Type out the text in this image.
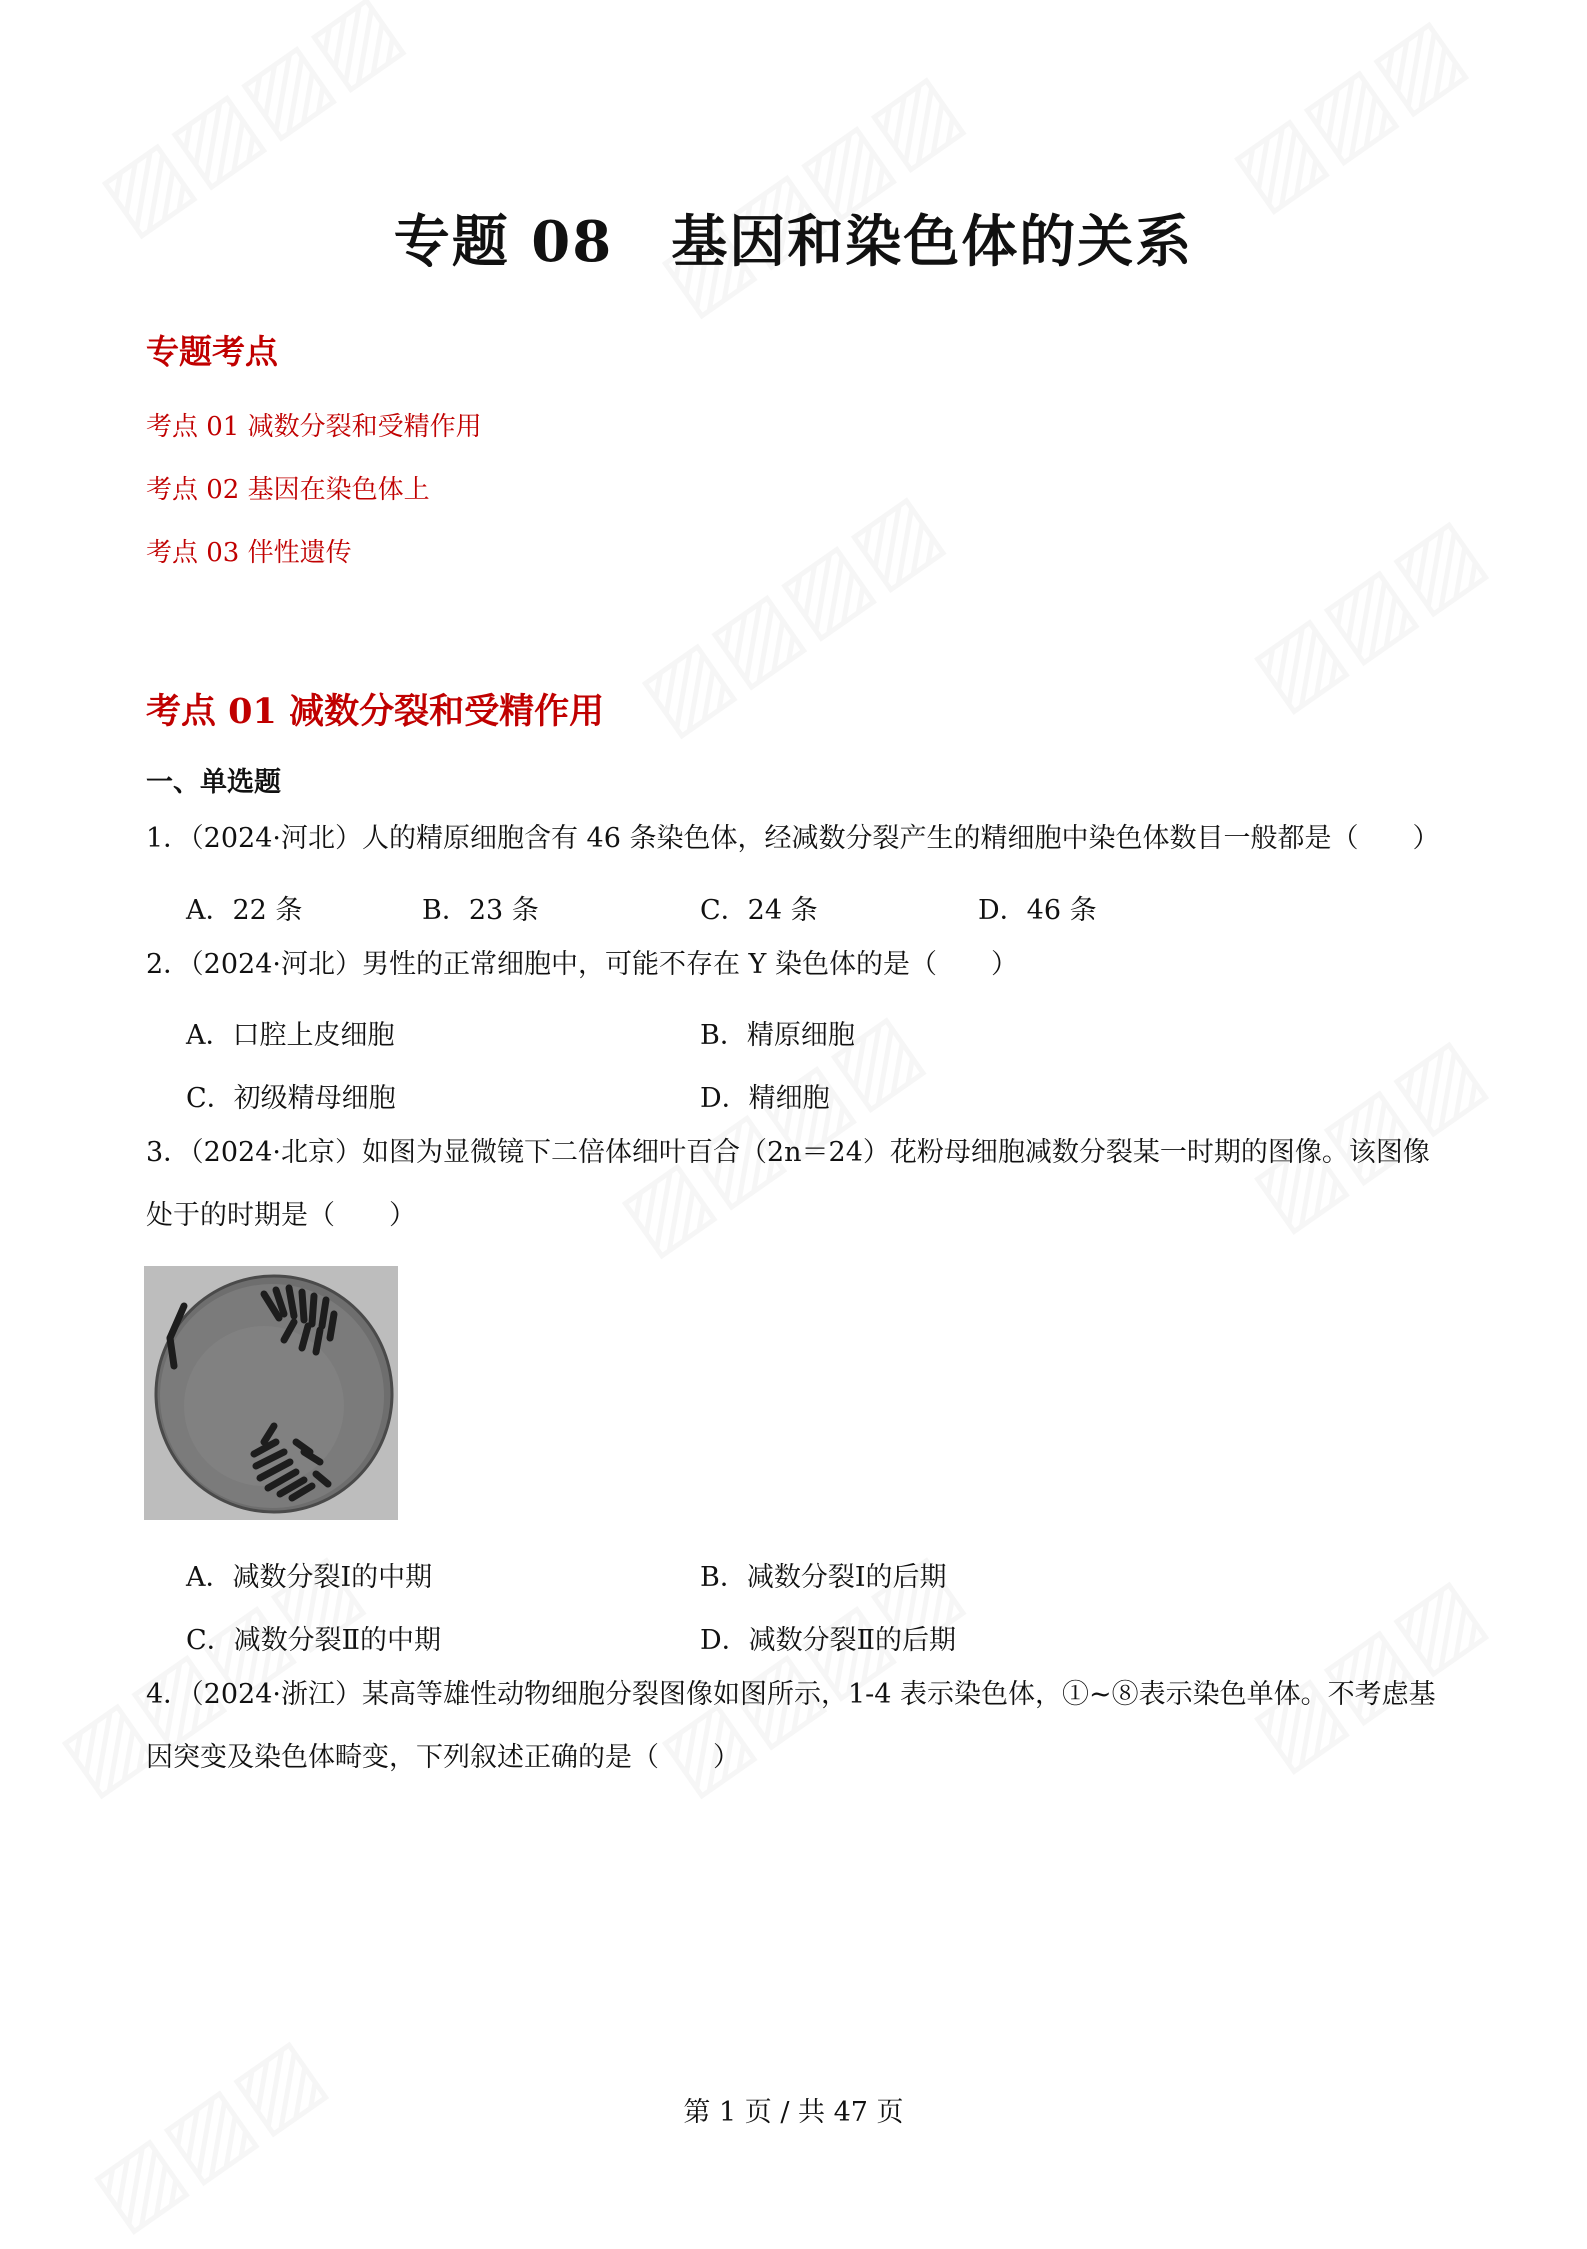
专题 08　基因和染色体的关系
专题考点
考点 01 减数分裂和受精作用
考点 02 基因在染色体上
考点 03 伴性遗传
考点 01 减数分裂和受精作用
一、单选题
1．（2024·河北）人的精原细胞含有 46 条染色体，经减数分裂产生的精细胞中染色体数目一般都是（　　）
A．22 条	B．23 条	C．24 条	D．46 条
2．（2024·河北）男性的正常细胞中，可能不存在 Y 染色体的是（　　）
A．口腔上皮细胞	B．精原细胞
C．初级精母细胞	D．精细胞
3．（2024·北京）如图为显微镜下二倍体细叶百合（2n＝24）花粉母细胞减数分裂某一时期的图像。该图像
处于的时期是（　　）
A．减数分裂Ⅰ的中期	B．减数分裂Ⅰ的后期
C．减数分裂Ⅱ的中期	D．减数分裂Ⅱ的后期
4．（2024·浙江）某高等雄性动物细胞分裂图像如图所示，1-4 表示染色体，①~⑧表示染色单体。不考虑基
因突变及染色体畸变，下列叙述正确的是（　　）
第 1 页 / 共 47 页
